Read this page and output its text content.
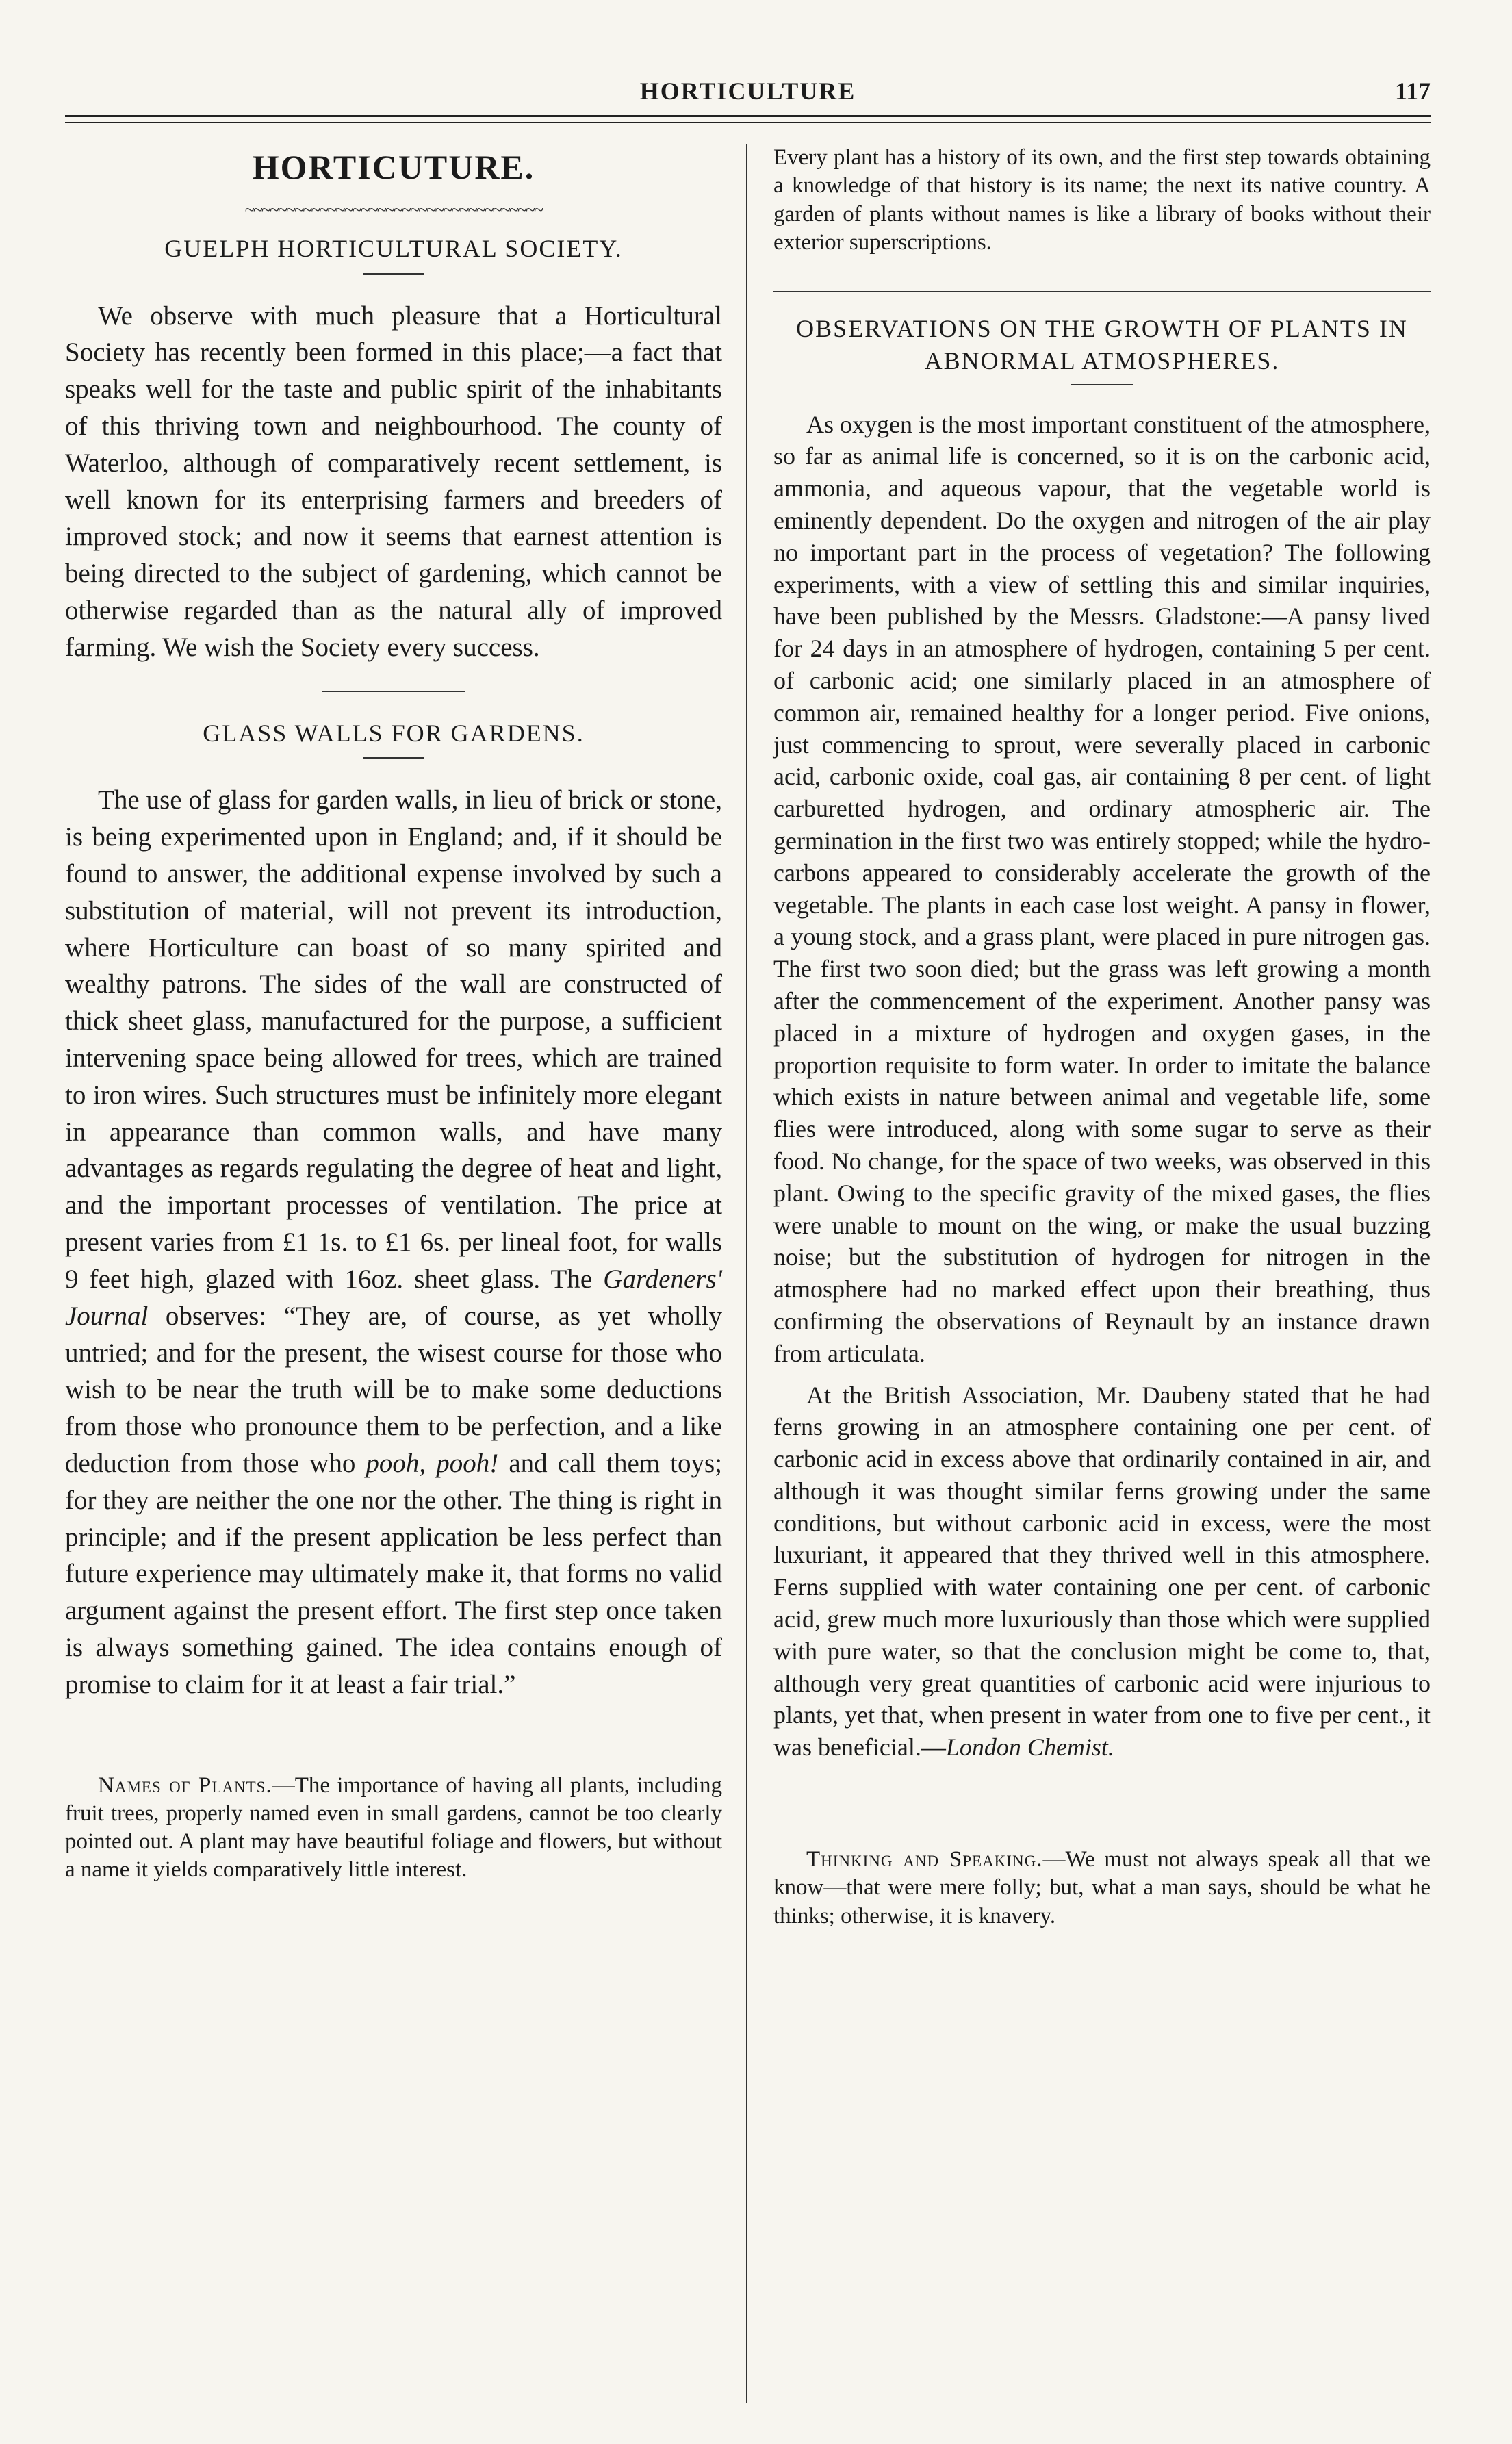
HORTICULTURE	117
HORTICUTURE.
~~~~~~~~~~~~~~~~~~~~~~~~~~~~~~~~~~~~
GUELPH HORTICULTURAL SOCIETY.

We observe with much pleasure that a Horticultural Society has recently been formed in this place;—a fact that speaks well for the taste and public spirit of the inhabitants of this thriving town and neighbourhood. The county of Waterloo, although of comparatively recent settlement, is well known for its enterprising farmers and breeders of improved stock; and now it seems that earnest attention is being directed to the subject of gardening, which cannot be otherwise regarded than as the natural ally of improved farming. We wish the Society every success.

GLASS WALLS FOR GARDENS.

The use of glass for garden walls, in lieu of brick or stone, is being experimented upon in England; and, if it should be found to answer, the additional expense involved by such a substitution of material, will not prevent its introduction, where Horticulture can boast of so many spirited and wealthy patrons. The sides of the wall are constructed of thick sheet glass, manufactured for the purpose, a sufficient intervening space being allowed for trees, which are trained to iron wires. Such structures must be infinitely more elegant in appearance than common walls, and have many advantages as regards regulating the degree of heat and light, and the important processes of ventilation. The price at present varies from £1 1s. to £1 6s. per lineal foot, for walls 9 feet high, glazed with 16oz. sheet glass. The Gardeners' Journal observes: “They are, of course, as yet wholly untried; and for the present, the wisest course for those who wish to be near the truth will be to make some deductions from those who pronounce them to be perfection, and a like deduction from those who pooh, pooh! and call them toys; for they are neither the one nor the other. The thing is right in principle; and if the present application be less perfect than future experience may ultimately make it, that forms no valid argument against the present effort. The first step once taken is always something gained. The idea contains enough of promise to claim for it at least a fair trial.”

Names of Plants.—The importance of having all plants, including fruit trees, properly named even in small gardens, cannot be too clearly pointed out. A plant may have beautiful foliage and flowers, but without a name it yields comparatively little interest.

Every plant has a history of its own, and the first step towards obtaining a knowledge of that history is its name; the next its native country. A garden of plants without names is like a library of books without their exterior superscriptions.

OBSERVATIONS ON THE GROWTH OF PLANTS IN ABNORMAL ATMOSPHERES.

As oxygen is the most important constituent of the atmosphere, so far as animal life is concerned, so it is on the carbonic acid, ammonia, and aqueous vapour, that the vegetable world is eminently dependent. Do the oxygen and nitrogen of the air play no important part in the process of vegetation? The following experiments, with a view of settling this and similar inquiries, have been published by the Messrs. Gladstone:—A pansy lived for 24 days in an atmosphere of hydrogen, containing 5 per cent. of carbonic acid; one similarly placed in an atmosphere of common air, remained healthy for a longer period. Five onions, just commencing to sprout, were severally placed in carbonic acid, carbonic oxide, coal gas, air containing 8 per cent. of light carburetted hydrogen, and ordinary atmospheric air. The germination in the first two was entirely stopped; while the hydro-carbons appeared to considerably accelerate the growth of the vegetable. The plants in each case lost weight. A pansy in flower, a young stock, and a grass plant, were placed in pure nitrogen gas. The first two soon died; but the grass was left growing a month after the commencement of the experiment. Another pansy was placed in a mixture of hydrogen and oxygen gases, in the proportion requisite to form water. In order to imitate the balance which exists in nature between animal and vegetable life, some flies were introduced, along with some sugar to serve as their food. No change, for the space of two weeks, was observed in this plant. Owing to the specific gravity of the mixed gases, the flies were unable to mount on the wing, or make the usual buzzing noise; but the substitution of hydrogen for nitrogen in the atmosphere had no marked effect upon their breathing, thus confirming the observations of Reynault by an instance drawn from articulata.

At the British Association, Mr. Daubeny stated that he had ferns growing in an atmosphere containing one per cent. of carbonic acid in excess above that ordinarily contained in air, and although it was thought similar ferns growing under the same conditions, but without carbonic acid in excess, were the most luxuriant, it appeared that they thrived well in this atmosphere. Ferns supplied with water containing one per cent. of carbonic acid, grew much more luxuriously than those which were supplied with pure water, so that the conclusion might be come to, that, although very great quantities of carbonic acid were injurious to plants, yet that, when present in water from one to five per cent., it was beneficial.—London Chemist.

Thinking and Speaking.—We must not always speak all that we know—that were mere folly; but, what a man says, should be what he thinks; otherwise, it is knavery.
